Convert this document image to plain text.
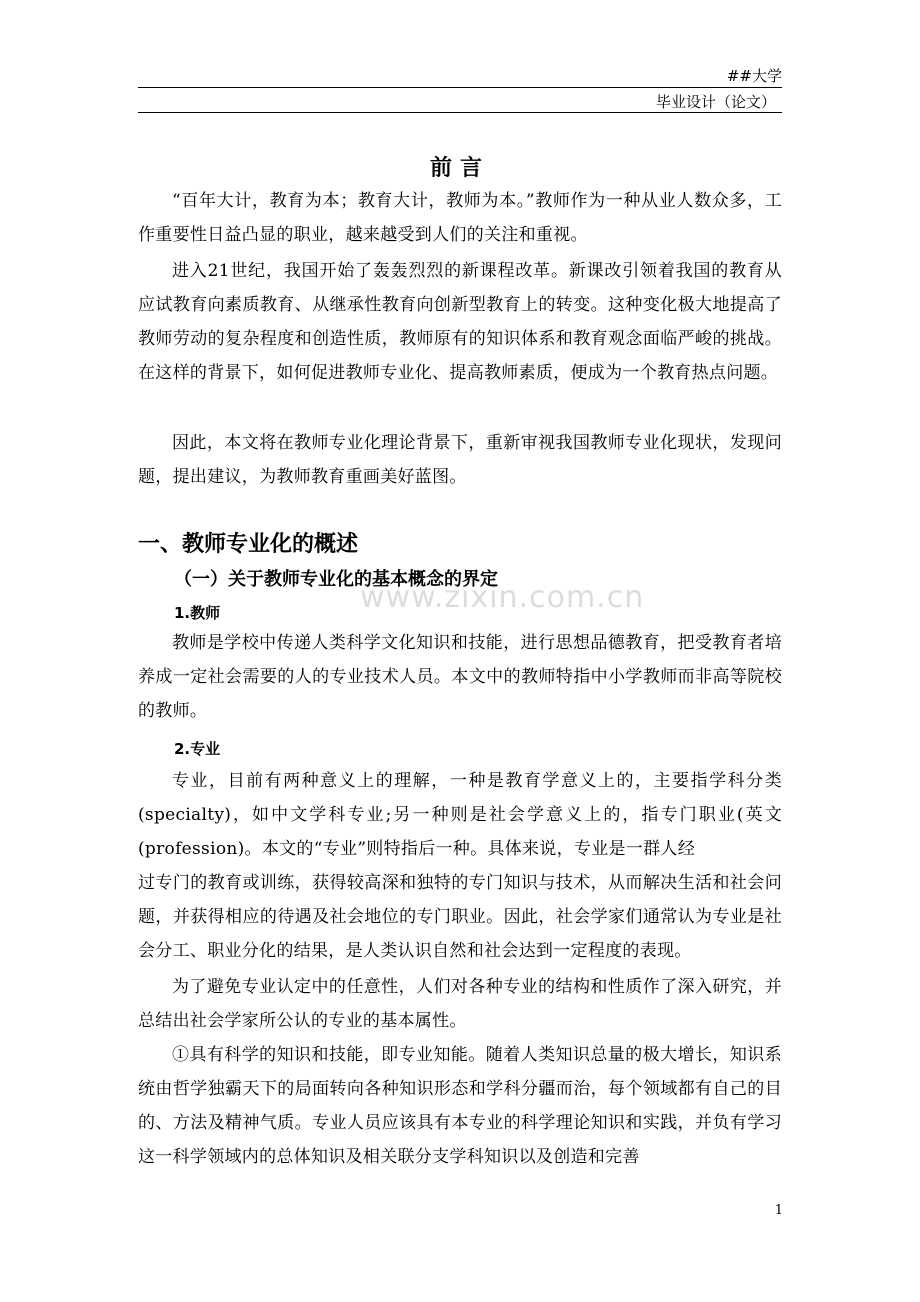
##大学
毕业设计（论文）
www.zixin.com.cn
前言

“百年大计，教育为本；教育大计，教师为本。”教师作为一种从业人数众多，工作重要性日益凸显的职业，越来越受到人们的关注和重视。

进入21世纪，我国开始了轰轰烈烈的新课程改革。新课改引领着我国的教育从应试教育向素质教育、从继承性教育向创新型教育上的转变。这种变化极大地提高了教师劳动的复杂程度和创造性质，教师原有的知识体系和教育观念面临严峻的挑战。在这样的背景下，如何促进教师专业化、提高教师素质，便成为一个教育热点问题。

因此，本文将在教师专业化理论背景下，重新审视我国教师专业化现状，发现问题，提出建议，为教师教育重画美好蓝图。

一、教师专业化的概述
（一）关于教师专业化的基本概念的界定
1.教师

教师是学校中传递人类科学文化知识和技能，进行思想品德教育，把受教育者培养成一定社会需要的人的专业技术人员。本文中的教师特指中小学教师而非高等院校的教师。

2.专业

专业，目前有两种意义上的理解，一种是教育学意义上的，主要指学科分类(specialty)，如中文学科专业;另一种则是社会学意义上的，指专门职业(英文(profession)。本文的“专业”则特指后一种。具体来说，专业是一群人经

过专门的教育或训练，获得较高深和独特的专门知识与技术，从而解决生活和社会问题，并获得相应的待遇及社会地位的专门职业。因此，社会学家们通常认为专业是社会分工、职业分化的结果，是人类认识自然和社会达到一定程度的表现。

为了避免专业认定中的任意性，人们对各种专业的结构和性质作了深入研究，并总结出社会学家所公认的专业的基本属性。

①具有科学的知识和技能，即专业知能。随着人类知识总量的极大增长，知识系统由哲学独霸天下的局面转向各种知识形态和学科分疆而治，每个领域都有自己的目的、方法及精神气质。专业人员应该具有本专业的科学理论知识和实践，并负有学习这一科学领域内的总体知识及相关联分支学科知识以及创造和完善

1
